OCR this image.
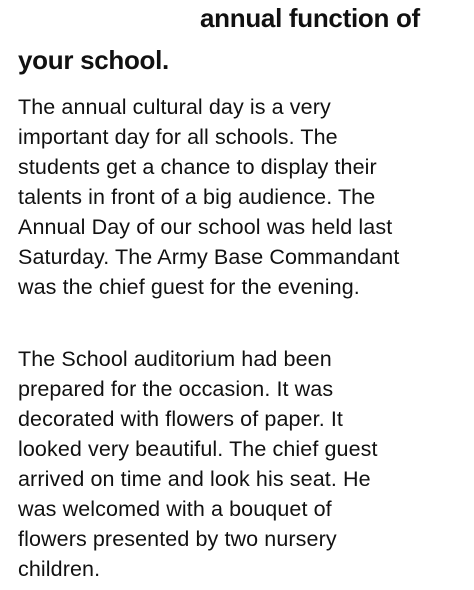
annual function of
your school.
The annual cultural day is a very
important day for all schools. The
students get a chance to display their
talents in front of a big audience. The
Annual Day of our school was held last
Saturday. The Army Base Commandant
was the chief guest for the evening.
The School auditorium had been
prepared for the occasion. It was
decorated with flowers of paper. It
looked very beautiful. The chief guest
arrived on time and look his seat. He
was welcomed with a bouquet of
flowers presented by two nursery
children.
